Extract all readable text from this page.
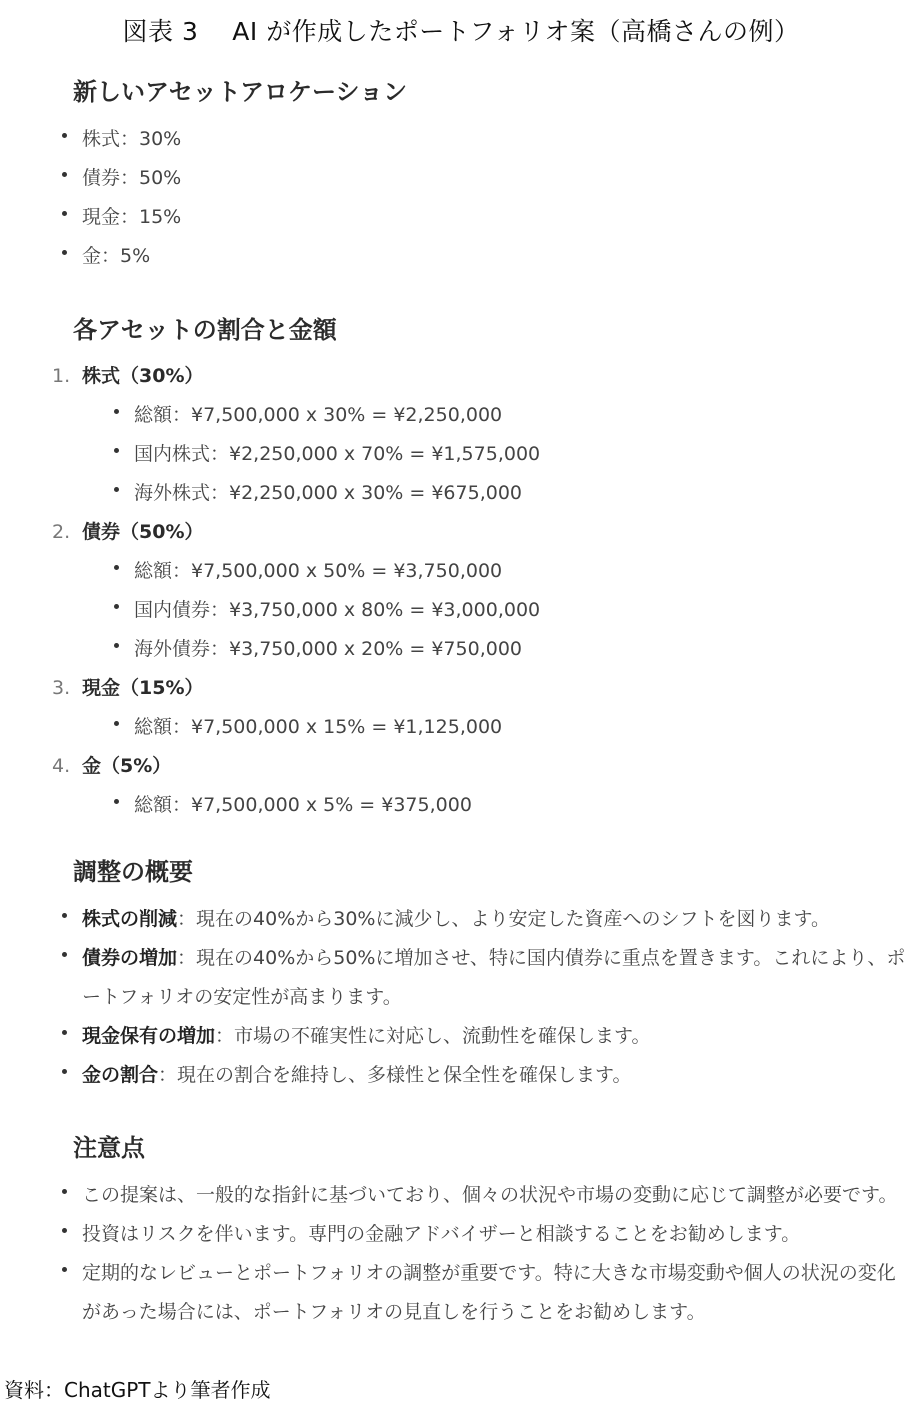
図表 3　 AI が作成したポートフォリオ案（高橋さんの例）
新しいアセットアロケーション
株式：30%
債券：50%
現金：15%
金：5%
各アセットの割合と金額
1. 株式（30%）
総額：¥7,500,000 x 30% = ¥2,250,000
国内株式：¥2,250,000 x 70% = ¥1,575,000
海外株式：¥2,250,000 x 30% = ¥675,000
2. 債券（50%）
総額：¥7,500,000 x 50% = ¥3,750,000
国内債券：¥3,750,000 x 80% = ¥3,000,000
海外債券：¥3,750,000 x 20% = ¥750,000
3. 現金（15%）
総額：¥7,500,000 x 15% = ¥1,125,000
4. 金（5%）
総額：¥7,500,000 x 5% = ¥375,000
調整の概要
株式の削減：現在の40%から30%に減少し、より安定した資産へのシフトを図ります。
債券の増加：現在の40%から50%に増加させ、特に国内債券に重点を置きます。これにより、ポートフォリオの安定性が高まります。
現金保有の増加：市場の不確実性に対応し、流動性を確保します。
金の割合：現在の割合を維持し、多様性と保全性を確保します。
注意点
この提案は、一般的な指針に基づいており、個々の状況や市場の変動に応じて調整が必要です。
投資はリスクを伴います。専門の金融アドバイザーと相談することをお勧めします。
定期的なレビューとポートフォリオの調整が重要です。特に大きな市場変動や個人の状況の変化があった場合には、ポートフォリオの見直しを行うことをお勧めします。
資料：ChatGPTより筆者作成
